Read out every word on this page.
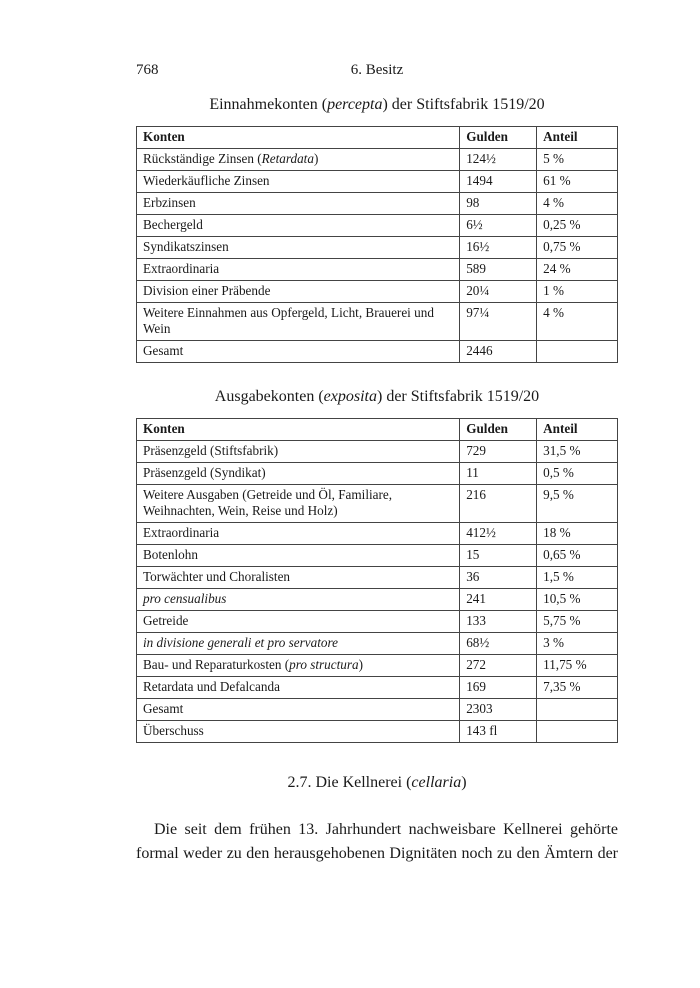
768	6. Besitz
Einnahmekonten (percepta) der Stiftsfabrik 1519/20
Konten	Gulden	Anteil
Rückständige Zinsen (Retardata)	124½	5 %
Wiederkäufliche Zinsen	1494	61 %
Erbzinsen	98	4 %
Bechergeld	6½	0,25 %
Syndikatszinsen	16½	0,75 %
Extraordinaria	589	24 %
Division einer Präbende	20¼	1 %
Weitere Einnahmen aus Opfergeld, Licht, Brauerei und Wein	97¼	4 %
Gesamt	2446	
Ausgabekonten (exposita) der Stiftsfabrik 1519/20
Konten	Gulden	Anteil
Präsenzgeld (Stiftsfabrik)	729	31,5 %
Präsenzgeld (Syndikat)	11	0,5 %
Weitere Ausgaben (Getreide und Öl, Familiare, Weihnachten, Wein, Reise und Holz)	216	9,5 %
Extraordinaria	412½	18 %
Botenlohn	15	0,65 %
Torwächter und Choralisten	36	1,5 %
pro censualibus	241	10,5 %
Getreide	133	5,75 %
in divisione generali et pro servatore	68½	3 %
Bau- und Reparaturkosten (pro structura)	272	11,75 %
Retardata und Defalcanda	169	7,35 %
Gesamt	2303	
Überschuss	143 fl	
2.7. Die Kellnerei (cellaria)
Die seit dem frühen 13. Jahrhundert nachweisbare Kellnerei gehörte
formal weder zu den herausgehobenen Dignitäten noch zu den Ämtern der
